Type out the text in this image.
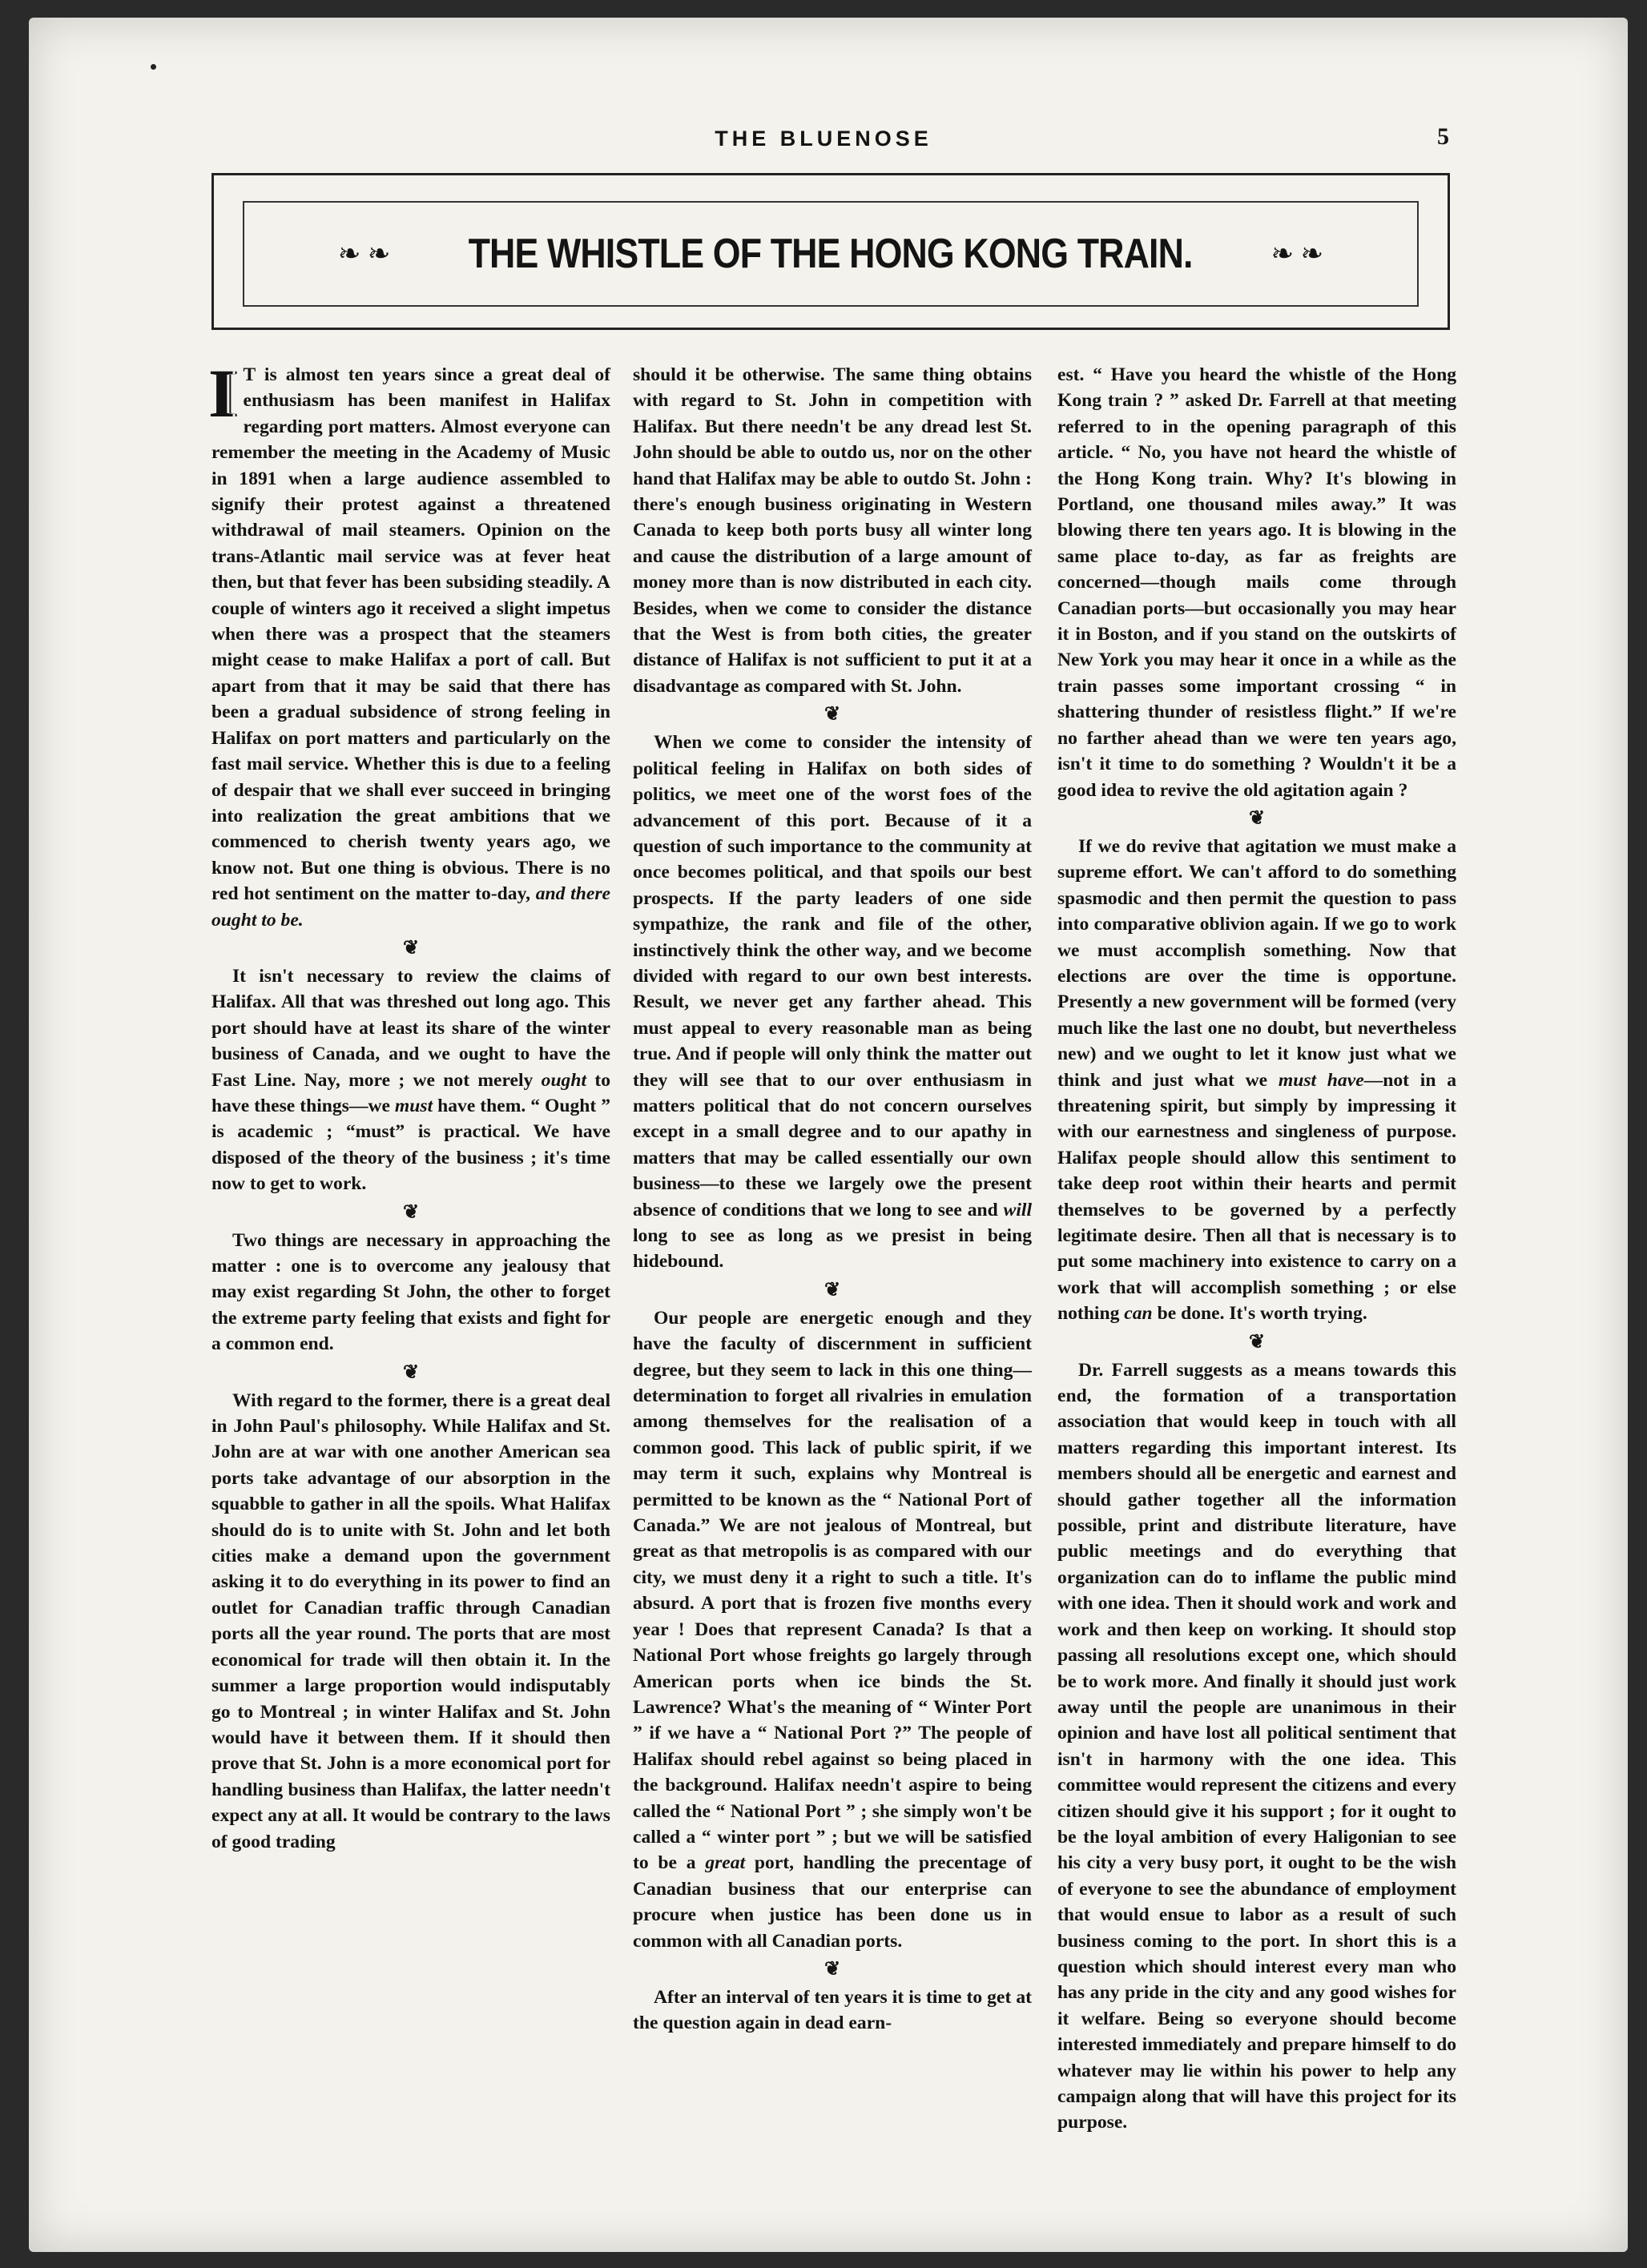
THE BLUENOSE	5
❧ ❧ THE WHISTLE OF THE HONG KONG TRAIN.	❧ ❧

I T is almost ten years since a great deal of enthusiasm has been manifest in Halifax regarding port matters. Almost everyone can remember the meeting in the Academy of Music in 1891 when a large audience assembled to signify their protest against a threatened withdrawal of mail steamers. Opinion on the trans-Atlantic mail service was at fever heat then, but that fever has been subsiding steadily. A couple of winters ago it received a slight impetus when there was a prospect that the steamers might cease to make Halifax a port of call. But apart from that it may be said that there has been a gradual subsidence of strong feeling in Halifax on port matters and particularly on the fast mail service. Whether this is due to a feeling of despair that we shall ever succeed in bringing into realization the great ambitions that we commenced to cherish twenty years ago, we know not. But one thing is obvious. There is no red hot sentiment on the matter to-day, and there ought to be.

❦

It isn't necessary to review the claims of Halifax. All that was threshed out long ago. This port should have at least its share of the winter business of Canada, and we ought to have the Fast Line. Nay, more ; we not merely ought to have these things—we must have them. “ Ought ” is academic ; “must” is practical. We have disposed of the theory of the business ; it's time now to get to work.

❦

Two things are necessary in approaching the matter : one is to overcome any jealousy that may exist regarding St John, the other to forget the extreme party feeling that exists and fight for a common end.

❦

With regard to the former, there is a great deal in John Paul's philosophy. While Halifax and St. John are at war with one another American sea ports take advantage of our absorption in the squabble to gather in all the spoils. What Halifax should do is to unite with St. John and let both cities make a demand upon the government asking it to do everything in its power to find an outlet for Canadian traffic through Canadian ports all the year round. The ports that are most economical for trade will then obtain it. In the summer a large proportion would indisputably go to Montreal ; in winter Halifax and St. John would have it between them. If it should then prove that St. John is a more economical port for handling business than Halifax, the latter needn't expect any at all. It would be contrary to the laws of good trading

should it be otherwise. The same thing obtains with regard to St. John in competition with Halifax. But there needn't be any dread lest St. John should be able to outdo us, nor on the other hand that Halifax may be able to outdo St. John : there's enough business originating in Western Canada to keep both ports busy all winter long and cause the distribution of a large amount of money more than is now distributed in each city. Besides, when we come to consider the distance that the West is from both cities, the greater distance of Halifax is not sufficient to put it at a disadvantage as compared with St. John.

❦

When we come to consider the intensity of political feeling in Halifax on both sides of politics, we meet one of the worst foes of the advancement of this port. Because of it a question of such importance to the community at once becomes political, and that spoils our best prospects. If the party leaders of one side sympathize, the rank and file of the other, instinctively think the other way, and we become divided with regard to our own best interests. Result, we never get any farther ahead. This must appeal to every reasonable man as being true. And if people will only think the matter out they will see that to our over enthusiasm in matters political that do not concern ourselves except in a small degree and to our apathy in matters that may be called essentially our own business—to these we largely owe the present absence of conditions that we long to see and will long to see as long as we presist in being hidebound.

❦

Our people are energetic enough and they have the faculty of discernment in sufficient degree, but they seem to lack in this one thing—determination to forget all rivalries in emulation among themselves for the realisation of a common good. This lack of public spirit, if we may term it such, explains why Montreal is permitted to be known as the “ National Port of Canada.” We are not jealous of Montreal, but great as that metropolis is as compared with our city, we must deny it a right to such a title. It's absurd. A port that is frozen five months every year ! Does that represent Canada? Is that a National Port whose freights go largely through American ports when ice binds the St. Lawrence? What's the meaning of “ Winter Port ” if we have a “ National Port ?” The people of Halifax should rebel against so being placed in the background. Halifax needn't aspire to being called the “ National Port ” ; she simply won't be called a “ winter port ” ; but we will be satisfied to be a great port, handling the precentage of Canadian business that our enterprise can procure when justice has been done us in common with all Canadian ports.

❦

After an interval of ten years it is time to get at the question again in dead earn-

est. “ Have you heard the whistle of the Hong Kong train ? ” asked Dr. Farrell at that meeting referred to in the opening paragraph of this article. “ No, you have not heard the whistle of the Hong Kong train. Why? It's blowing in Portland, one thousand miles away.” It was blowing there ten years ago. It is blowing in the same place to-day, as far as freights are concerned—though mails come through Canadian ports—but occasionally you may hear it in Boston, and if you stand on the outskirts of New York you may hear it once in a while as the train passes some important crossing “ in shattering thunder of resistless flight.” If we're no farther ahead than we were ten years ago, isn't it time to do something ? Wouldn't it be a good idea to revive the old agitation again ?

❦

If we do revive that agitation we must make a supreme effort. We can't afford to do something spasmodic and then permit the question to pass into comparative oblivion again. If we go to work we must accomplish something. Now that elections are over the time is opportune. Presently a new government will be formed (very much like the last one no doubt, but nevertheless new) and we ought to let it know just what we think and just what we must have—not in a threatening spirit, but simply by impressing it with our earnestness and singleness of purpose. Halifax people should allow this sentiment to take deep root within their hearts and permit themselves to be governed by a perfectly legitimate desire. Then all that is necessary is to put some machinery into existence to carry on a work that will accomplish something ; or else nothing can be done. It's worth trying.

❦

Dr. Farrell suggests as a means towards this end, the formation of a transportation association that would keep in touch with all matters regarding this important interest. Its members should all be energetic and earnest and should gather together all the information possible, print and distribute literature, have public meetings and do everything that organization can do to inflame the public mind with one idea. Then it should work and work and work and then keep on working. It should stop passing all resolutions except one, which should be to work more. And finally it should just work away until the people are unanimous in their opinion and have lost all political sentiment that isn't in harmony with the one idea. This committee would represent the citizens and every citizen should give it his support ; for it ought to be the loyal ambition of every Haligonian to see his city a very busy port, it ought to be the wish of everyone to see the abundance of employment that would ensue to labor as a result of such business coming to the port. In short this is a question which should interest every man who has any pride in the city and any good wishes for it welfare. Being so everyone should become interested immediately and prepare himself to do whatever may lie within his power to help any campaign along that will have this project for its purpose.
